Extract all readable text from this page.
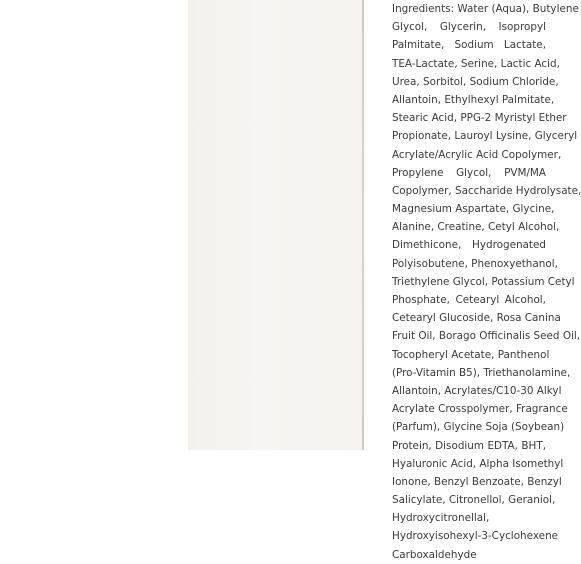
Ingredients: Water (Aqua), Butylene
Glycol, Glycerin, Isopropyl
Palmitate, Sodium Lactate,
TEA-Lactate, Serine, Lactic Acid,
Urea, Sorbitol, Sodium Chloride,
Allantoin, Ethylhexyl Palmitate,
Stearic Acid, PPG-2 Myristyl Ether
Propionate, Lauroyl Lysine, Glyceryl
Acrylate/Acrylic Acid Copolymer,
Propylene Glycol, PVM/MA
Copolymer, Saccharide Hydrolysate,
Magnesium Aspartate, Glycine,
Alanine, Creatine, Cetyl Alcohol,
Dimethicone, Hydrogenated
Polyisobutene, Phenoxyethanol,
Triethylene Glycol, Potassium Cetyl
Phosphate, Cetearyl Alcohol,
Cetearyl Glucoside, Rosa Canina
Fruit Oil, Borago Officinalis Seed Oil,
Tocopheryl Acetate, Panthenol
(Pro-Vitamin B5), Triethanolamine,
Allantoin, Acrylates/C10-30 Alkyl
Acrylate Crosspolymer, Fragrance
(Parfum), Glycine Soja (Soybean)
Protein, Disodium EDTA, BHT,
Hyaluronic Acid, Alpha Isomethyl
Ionone, Benzyl Benzoate, Benzyl
Salicylate, Citronellol, Geraniol,
Hydroxycitronellal,
Hydroxyisohexyl-3-Cyclohexene
Carboxaldehyde
